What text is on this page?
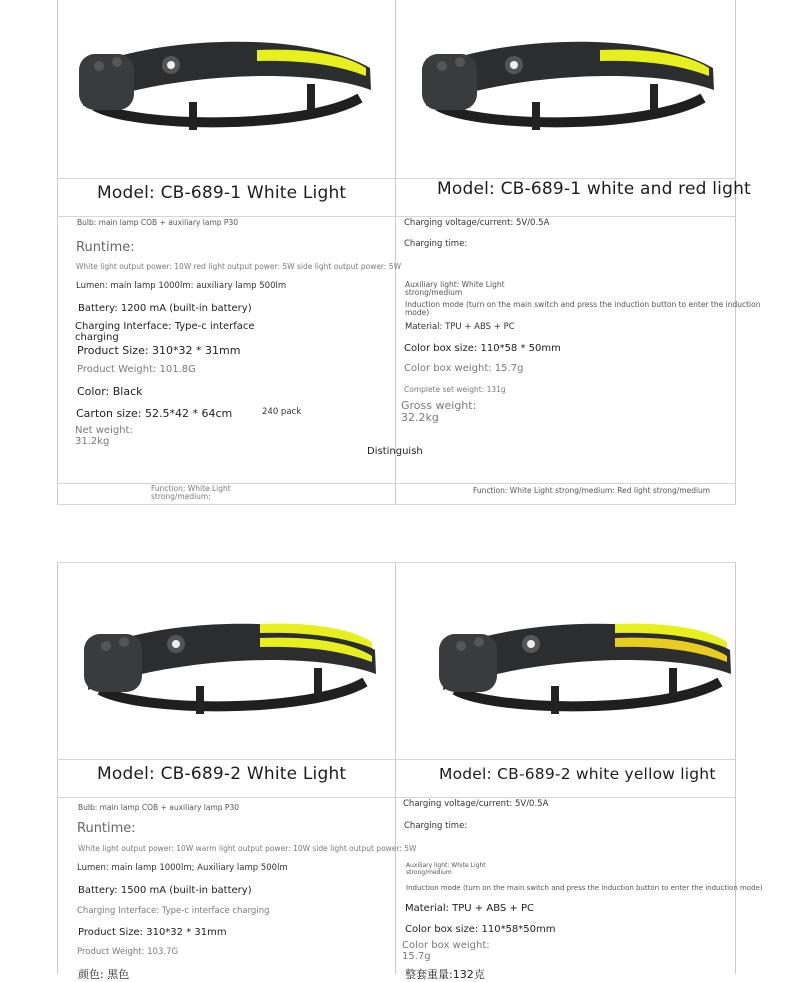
Model: CB-689-1 White Light
Bulb: main lamp COB + auxiliary lamp P30
Runtime:
White light output power: 10W red light output power: 5W side light output power: 5W
Lumen: main lamp 1000lm: auxiliary lamp 500lm
Battery: 1200 mA (built-in battery)
Charging Interface: Type-c interface charging
Product Size: 310*32 * 31mm
Product Weight: 101.8G
Color: Black
Carton size: 52.5*42 * 64cm	240 pack
Net weight: 31.2kg
Function: White Light strong/medium;
Model: CB-689-1 white and red light
Charging voltage/current: 5V/0.5A
Charging time:
Auxiliary light: White Light strong/medium
Induction mode (turn on the main switch and press the induction button to enter the induction mode)
Material: TPU + ABS + PC
Color box size: 110*58 * 50mm
Color box weight: 15.7g
Complete set weight: 131g
Gross weight: 32.2kg
Distinguish
Function: White Light strong/medium: Red light strong/medium
Model: CB-689-2 White Light
Bulb: main lamp COB + auxiliary lamp P30
Runtime:
White light output power: 10W warm light output power: 10W side light output power: 5W
Lumen: main lamp 1000lm; Auxiliary lamp 500lm
Battery: 1500 mA (built-in battery)
Charging Interface: Type-c interface charging
Product Size: 310*32 * 31mm
Product Weight: 103.7G
颜色: 黑色
Model: CB-689-2 white yellow light
Charging voltage/current: 5V/0.5A
Charging time:
Auxiliary light: White Light strong/medium
Induction mode (turn on the main switch and press the induction button to enter the induction mode)
Material: TPU + ABS + PC
Color box size: 110*58*50mm
Color box weight: 15.7g
整套重量:132克
